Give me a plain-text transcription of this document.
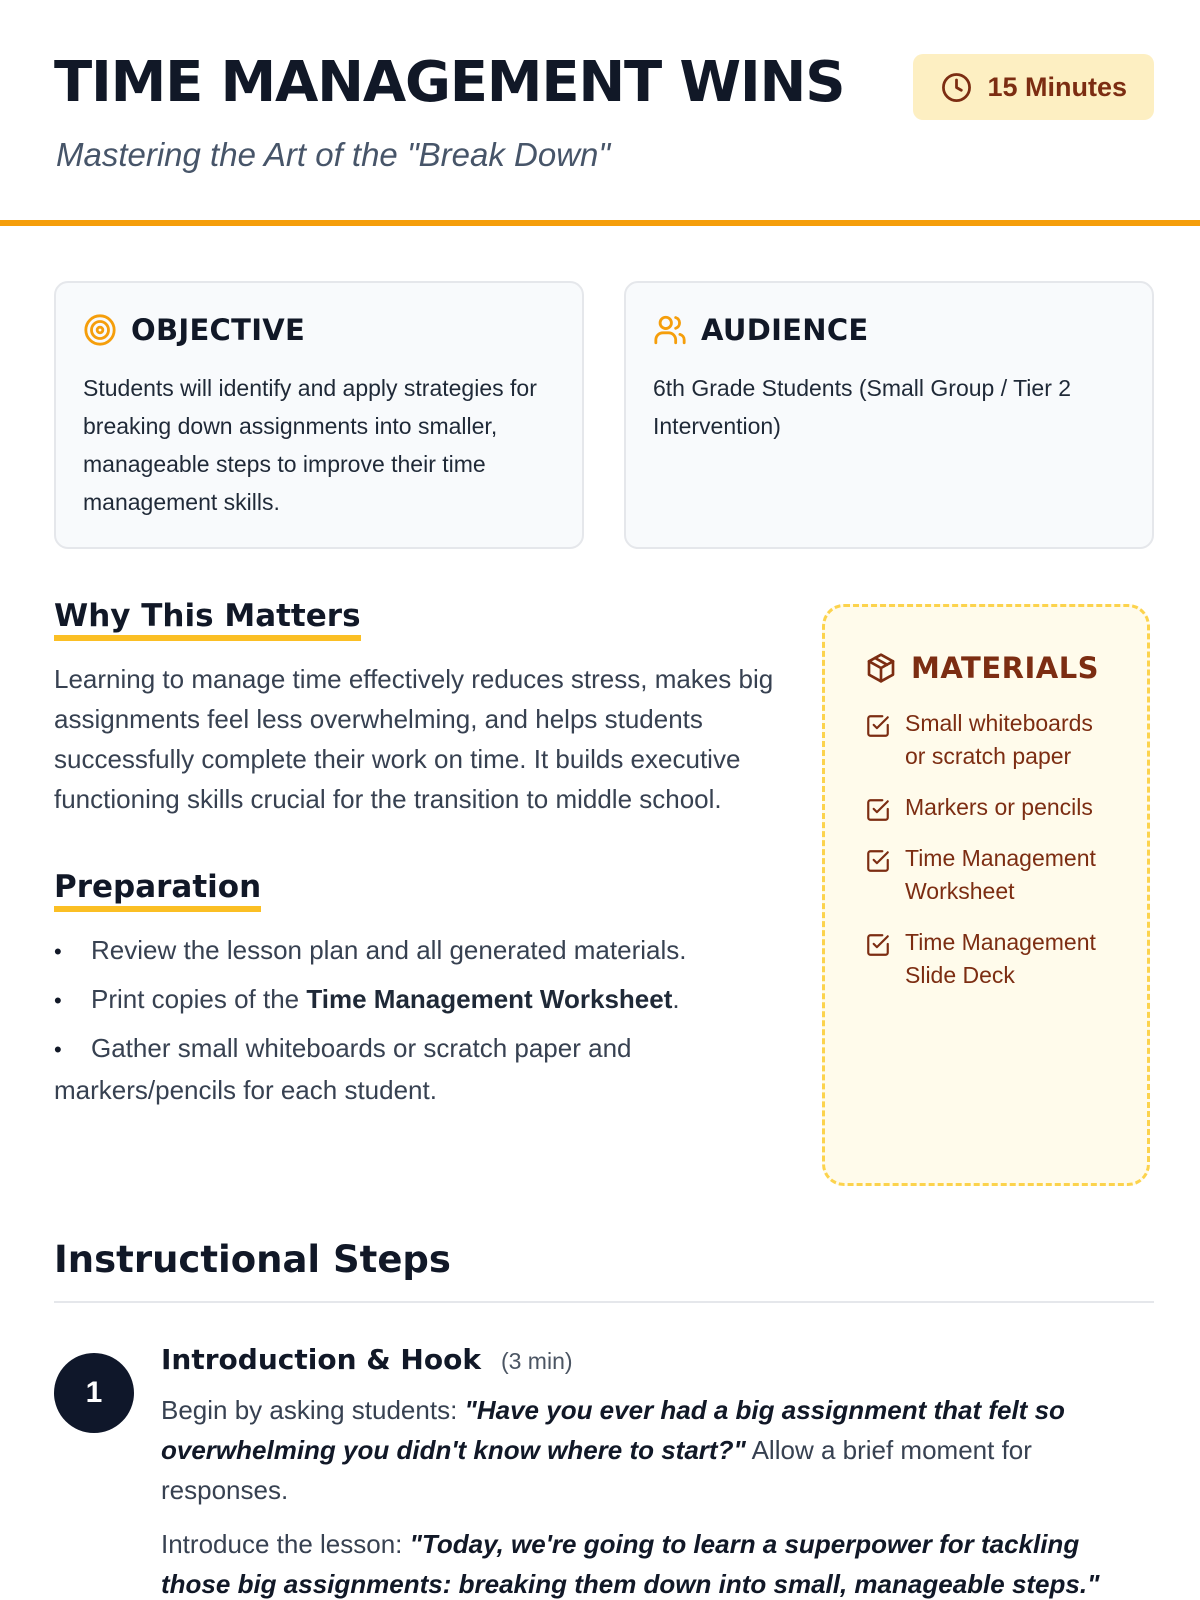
TIME MANAGEMENT WINS

Mastering the Art of the "Break Down"

15 Minutes
OBJECTIVE

Students will identify and apply strategies for breaking down assignments into smaller, manageable steps to improve their time management skills.

AUDIENCE

6th Grade Students (Small Group / Tier 2 Intervention)

Why This Matters

Learning to manage time effectively reduces stress, makes big assignments feel less overwhelming, and helps students successfully complete their work on time. It builds executive functioning skills crucial for the transition to middle school.

Preparation
• Review the lesson plan and all generated materials.
• Print copies of the Time Management Worksheet.
• Gather small whiteboards or scratch paper and markers/pencils for each student.
MATERIALS
Small whiteboards or scratch paper
Markers or pencils
Time Management Worksheet
Time Management Slide Deck
Instructional Steps
1
Introduction & Hook (3 min)

Begin by asking students: "Have you ever had a big assignment that felt so overwhelming you didn't know where to start?" Allow a brief moment for responses.

Introduce the lesson: "Today, we're going to learn a superpower for tackling those big assignments: breaking them down into small, manageable steps."
